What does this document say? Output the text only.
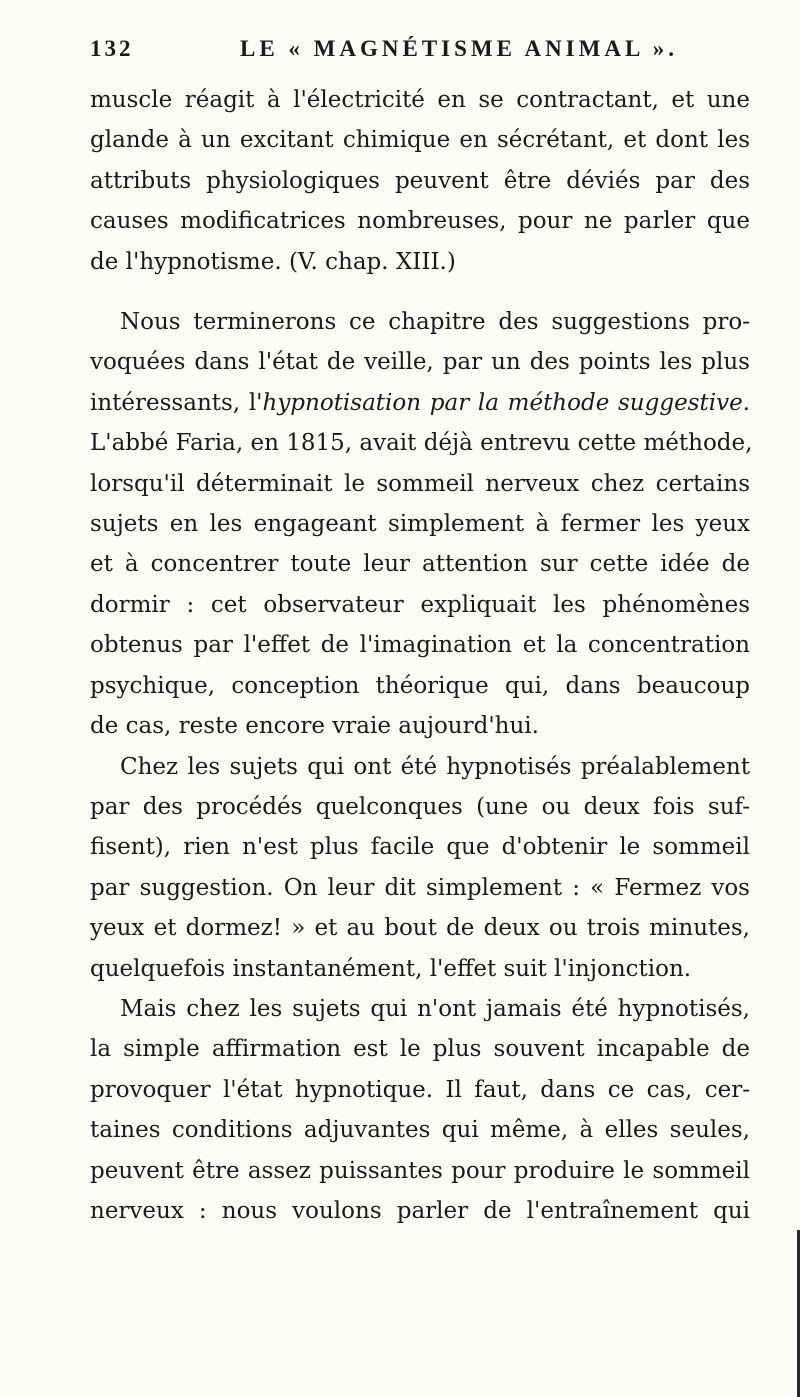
132	LE « MAGNÉTISME ANIMAL ».
muscle réagit à l'électricité en se contractant, et une
glande à un excitant chimique en sécrétant, et dont les
attributs physiologiques peuvent être déviés par des
causes modificatrices nombreuses, pour ne parler que
de l'hypnotisme. (V. chap. XIII.)
Nous terminerons ce chapitre des suggestions pro-
voquées dans l'état de veille, par un des points les plus
intéressants, l'hypnotisation par la méthode suggestive.
L'abbé Faria, en 1815, avait déjà entrevu cette méthode,
lorsqu'il déterminait le sommeil nerveux chez certains
sujets en les engageant simplement à fermer les yeux
et à concentrer toute leur attention sur cette idée de
dormir : cet observateur expliquait les phénomènes
obtenus par l'effet de l'imagination et la concentration
psychique, conception théorique qui, dans beaucoup
de cas, reste encore vraie aujourd'hui.
Chez les sujets qui ont été hypnotisés préalablement
par des procédés quelconques (une ou deux fois suf-
fisent), rien n'est plus facile que d'obtenir le sommeil
par suggestion. On leur dit simplement : « Fermez vos
yeux et dormez! » et au bout de deux ou trois minutes,
quelquefois instantanément, l'effet suit l'injonction.
Mais chez les sujets qui n'ont jamais été hypnotisés,
la simple affirmation est le plus souvent incapable de
provoquer l'état hypnotique. Il faut, dans ce cas, cer-
taines conditions adjuvantes qui même, à elles seules,
peuvent être assez puissantes pour produire le sommeil
nerveux : nous voulons parler de l'entraînement qui
